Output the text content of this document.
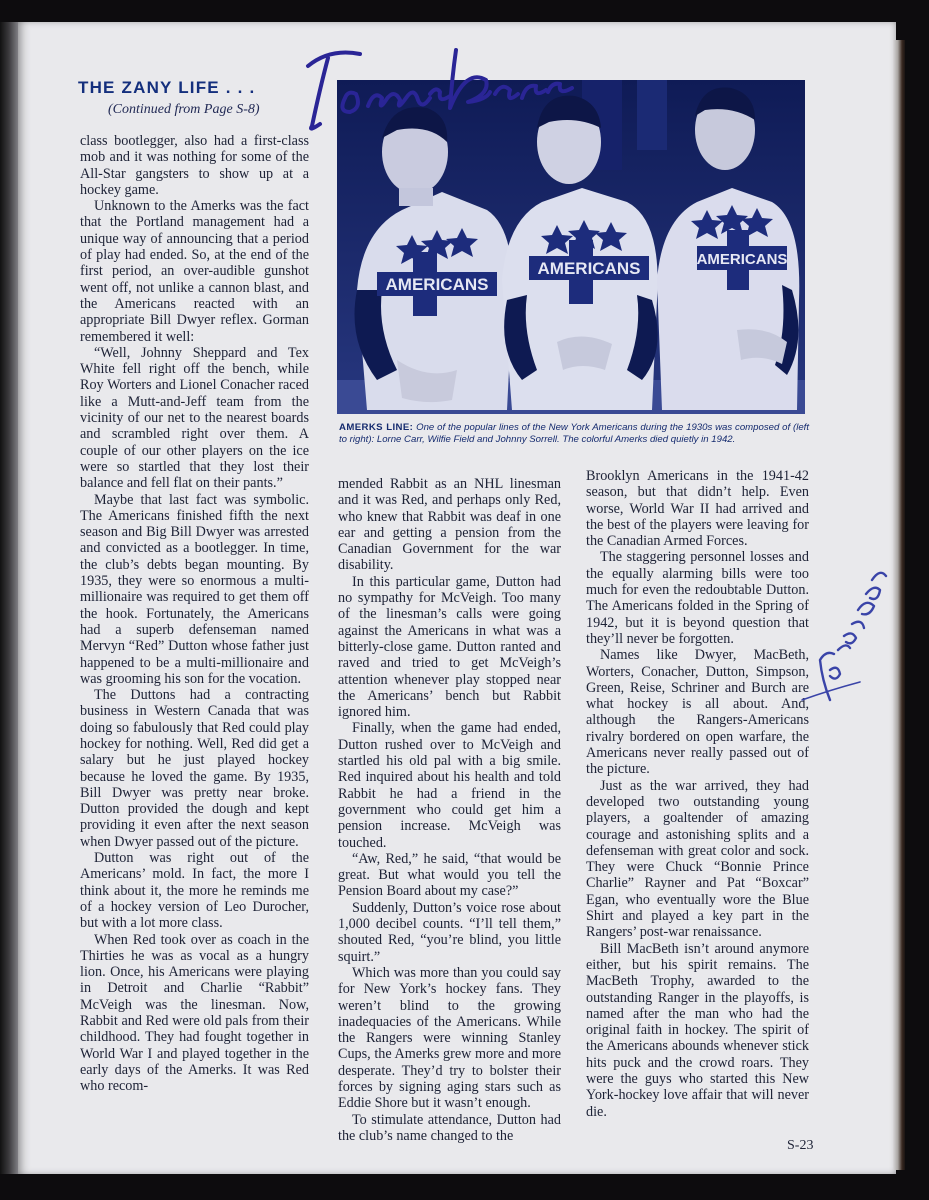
THE ZANY LIFE . . .
(Continued from Page S-8)

class bootlegger, also had a first-class mob and it was nothing for some of the All-Star gangsters to show up at a hockey game.

Unknown to the Amerks was the fact that the Portland management had a unique way of announcing that a period of play had ended. So, at the end of the first period, an over-audible gunshot went off, not unlike a cannon blast, and the Americans reacted with an appropriate Bill Dwyer reflex. Gorman remembered it well:

“Well, Johnny Sheppard and Tex White fell right off the bench, while Roy Worters and Lionel Conacher raced like a Mutt-and-Jeff team from the vicinity of our net to the nearest boards and scrambled right over them. A couple of our other players on the ice were so startled that they lost their balance and fell flat on their pants.”

Maybe that last fact was symbolic. The Americans finished fifth the next season and Big Bill Dwyer was arrested and convicted as a bootlegger. In time, the club’s debts began mounting. By 1935, they were so enormous a multi-millionaire was required to get them off the hook. Fortunately, the Americans had a superb defenseman named Mervyn “Red” Dutton whose father just happened to be a multi-millionaire and was grooming his son for the vocation.

The Duttons had a contracting business in Western Canada that was doing so fabulously that Red could play hockey for nothing. Well, Red did get a salary but he just played hockey because he loved the game. By 1935, Bill Dwyer was pretty near broke. Dutton provided the dough and kept providing it even after the next season when Dwyer passed out of the picture.

Dutton was right out of the Americans’ mold. In fact, the more I think about it, the more he reminds me of a hockey version of Leo Durocher, but with a lot more class.

When Red took over as coach in the Thirties he was as vocal as a hungry lion. Once, his Americans were playing in Detroit and Charlie “Rabbit” McVeigh was the linesman. Now, Rabbit and Red were old pals from their childhood. They had fought together in World War I and played together in the early days of the Amerks. It was Red who recom-

AMERICANS
AMERICANS	AMERICANS

AMERKS LINE: One of the popular lines of the New York Americans during the 1930s was composed of (left to right): Lorne Carr, Wilfie Field and Johnny Sorrell. The colorful Amerks died quietly in 1942.

mended Rabbit as an NHL linesman and it was Red, and perhaps only Red, who knew that Rabbit was deaf in one ear and getting a pension from the Canadian Government for the war disability.

In this particular game, Dutton had no sympathy for McVeigh. Too many of the linesman’s calls were going against the Americans in what was a bitterly-close game. Dutton ranted and raved and tried to get McVeigh’s attention whenever play stopped near the Americans’ bench but Rabbit ignored him.

Finally, when the game had ended, Dutton rushed over to McVeigh and startled his old pal with a big smile. Red inquired about his health and told Rabbit he had a friend in the government who could get him a pension increase. McVeigh was touched.

“Aw, Red,” he said, “that would be great. But what would you tell the Pension Board about my case?”

Suddenly, Dutton’s voice rose about 1,000 decibel counts. “I’ll tell them,” shouted Red, “you’re blind, you little squirt.”

Which was more than you could say for New York’s hockey fans. They weren’t blind to the growing inadequacies of the Americans. While the Rangers were winning Stanley Cups, the Amerks grew more and more desperate. They’d try to bolster their forces by signing aging stars such as Eddie Shore but it wasn’t enough.

To stimulate attendance, Dutton had the club’s name changed to the

Brooklyn Americans in the 1941-42 season, but that didn’t help. Even worse, World War II had arrived and the best of the players were leaving for the Canadian Armed Forces.

The staggering personnel losses and the equally alarming bills were too much for even the redoubtable Dutton. The Americans folded in the Spring of 1942, but it is beyond question that they’ll never be forgotten.

Names like Dwyer, MacBeth, Worters, Conacher, Dutton, Simpson, Green, Reise, Schriner and Burch are what hockey is all about. And, although the Rangers-Americans rivalry bordered on open warfare, the Americans never really passed out of the picture.

Just as the war arrived, they had developed two outstanding young players, a goaltender of amazing courage and astonishing splits and a defenseman with great color and sock. They were Chuck “Bonnie Prince Charlie” Rayner and Pat “Boxcar” Egan, who eventually wore the Blue Shirt and played a key part in the Rangers’ post-war renaissance.

Bill MacBeth isn’t around anymore either, but his spirit remains. The MacBeth Trophy, awarded to the outstanding Ranger in the playoffs, is named after the man who had the original faith in hockey. The spirit of the Americans abounds whenever stick hits puck and the crowd roars. They were the guys who started this New York-hockey love affair that will never die.

S-23
